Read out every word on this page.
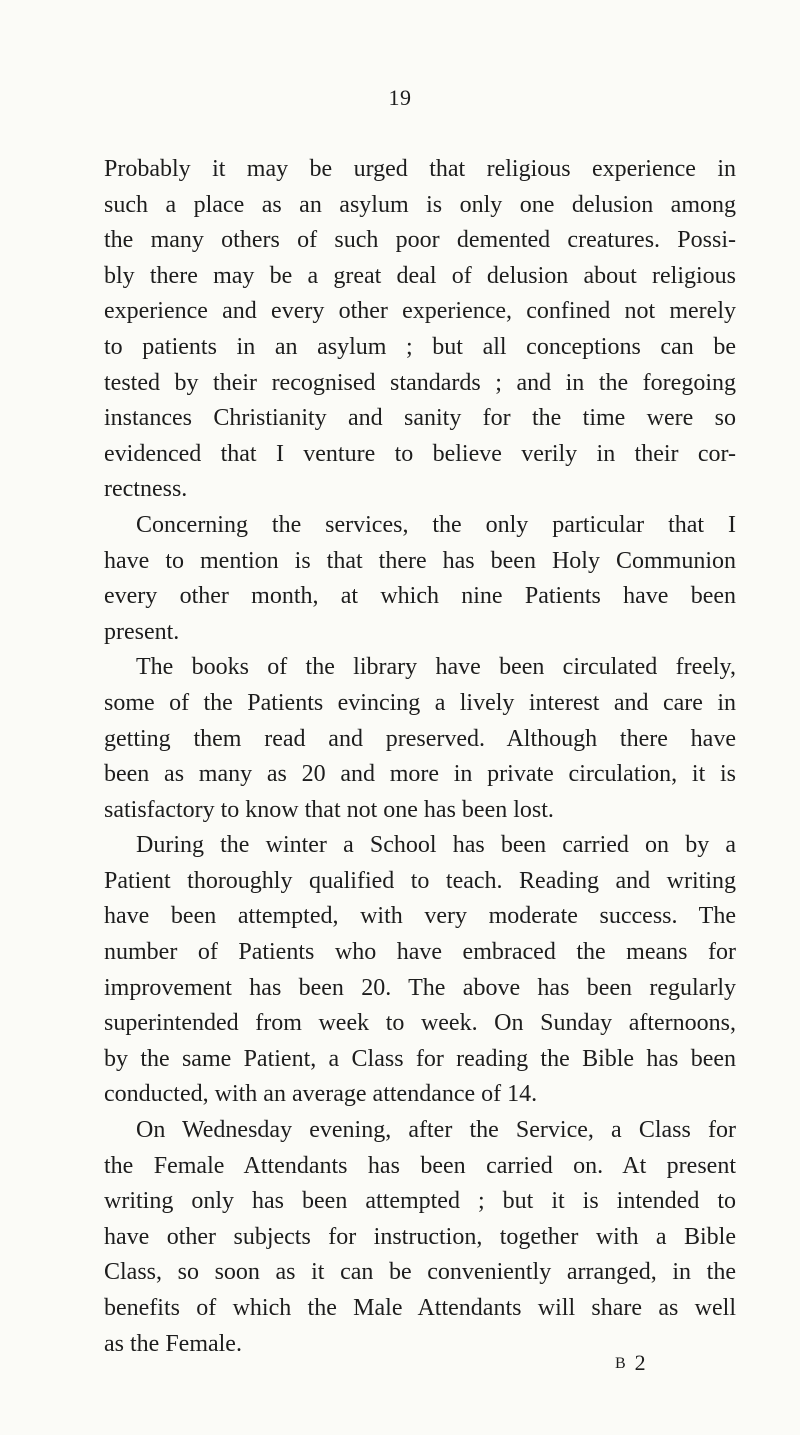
19
Probably it may be urged that religious experience in
such a place as an asylum is only one delusion among
the many others of such poor demented creatures. Possi-
bly there may be a great deal of delusion about religious
experience and every other experience, confined not merely
to patients in an asylum ; but all conceptions can be
tested by their recognised standards ; and in the foregoing
instances Christianity and sanity for the time were so
evidenced that I venture to believe verily in their cor-
rectness.
Concerning the services, the only particular that I
have to mention is that there has been Holy Communion
every other month, at which nine Patients have been
present.
The books of the library have been circulated freely,
some of the Patients evincing a lively interest and care in
getting them read and preserved. Although there have
been as many as 20 and more in private circulation, it is
satisfactory to know that not one has been lost.
During the winter a School has been carried on by a
Patient thoroughly qualified to teach. Reading and writing
have been attempted, with very moderate success. The
number of Patients who have embraced the means for
improvement has been 20. The above has been regularly
superintended from week to week. On Sunday afternoons,
by the same Patient, a Class for reading the Bible has been
conducted, with an average attendance of 14.
On Wednesday evening, after the Service, a Class for
the Female Attendants has been carried on. At present
writing only has been attempted ; but it is intended to
have other subjects for instruction, together with a Bible
Class, so soon as it can be conveniently arranged, in the
benefits of which the Male Attendants will share as well
as the Female.
B 2
